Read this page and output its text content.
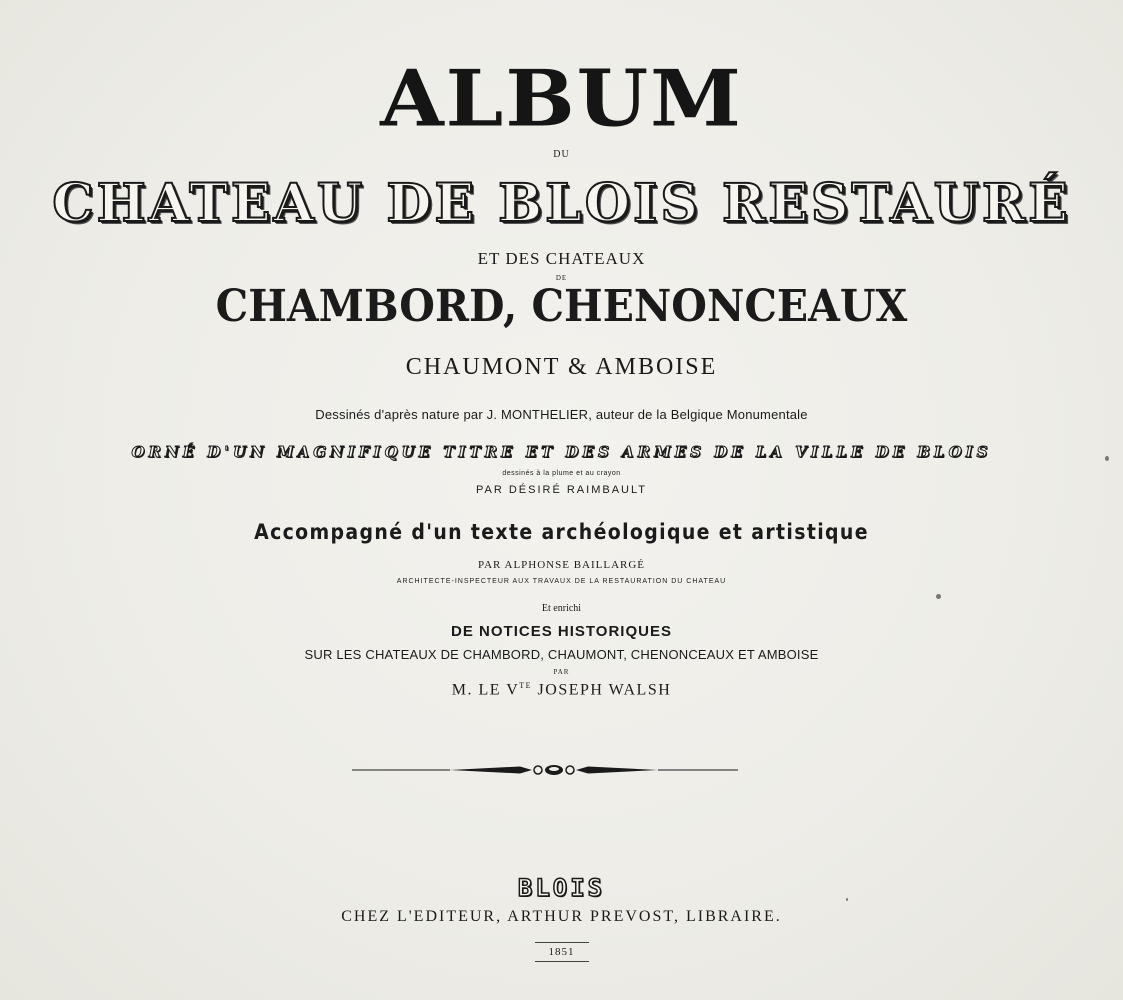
ALBUM
DU
CHATEAU DE BLOIS RESTAURÉ
ET DES CHATEAUX
DE
CHAMBORD, CHENONCEAUX
CHAUMONT & AMBOISE
Dessinés d'après nature par J. MONTHELIER, auteur de la Belgique Monumentale
ORNÉ D'UN MAGNIFIQUE TITRE ET DES ARMES DE LA VILLE DE BLOIS
dessinés à la plume et au crayon
PAR DÉSIRÉ RAIMBAULT
Accompagné d'un texte archéologique et artistique
PAR ALPHONSE BAILLARGÉ
ARCHITECTE-INSPECTEUR AUX TRAVAUX DE LA RESTAURATION DU CHATEAU
Et enrichi
DE NOTICES HISTORIQUES
SUR LES CHATEAUX DE CHAMBORD, CHAUMONT, CHENONCEAUX ET AMBOISE
PAR
M. LE $V^{TE}$ JOSEPH WALSH
BLOIS
CHEZ L'EDITEUR, ARTHUR PREVOST, LIBRAIRE.
1851
